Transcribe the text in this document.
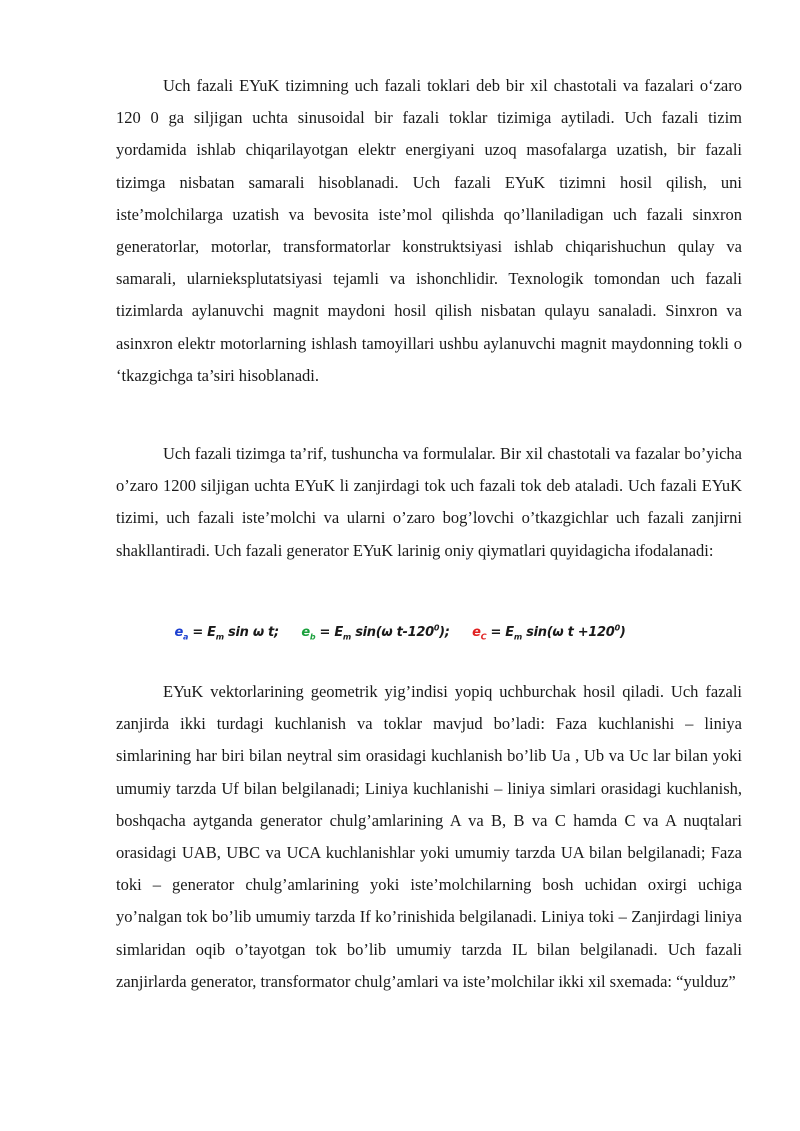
Uch fazali EYuK tizimning uch fazali toklari deb bir xil chastotali va fazalari o‘zaro 120 0 ga siljigan uchta sinusoidal bir fazali toklar tizimiga aytiladi. Uch fazali tizim yordamida ishlab chiqarilayotgan elektr energiyani uzoq masofalarga uzatish, bir fazali tizimga nisbatan samarali hisoblanadi. Uch fazali EYuK tizimni hosil qilish, uni iste’molchilarga uzatish va bevosita iste’mol qilishda qo’llaniladigan uch fazali sinxron generatorlar, motorlar, transformatorlar konstruktsiyasi ishlab chiqarishuchun qulay va samarali, ularnieksplutatsiyasi tejamli va ishonchlidir. Texnologik tomondan uch fazali tizimlarda aylanuvchi magnit maydoni hosil qilish nisbatan qulayu sanaladi. Sinxron va asinxron elektr motorlarning ishlash tamoyillari ushbu aylanuvchi magnit maydonning tokli o ‘tkazgichga ta’siri hisoblanadi.

Uch fazali tizimga ta’rif, tushuncha va formulalar. Bir xil chastotali va fazalar bo’yicha o’zaro 1200 siljigan uchta EYuK li zanjirdagi tok uch fazali tok deb ataladi. Uch fazali EYuK tizimi, uch fazali iste’molchi va ularni o’zaro bog’lovchi o’tkazgichlar uch fazali zanjirni shakllantiradi. Uch fazali generator EYuK larinig oniy qiymatlari quyidagicha ifodalanadi:

$e_a = E_m$ sin ω t; $e_b = E_m$ sin(ω $t-120^0$); $e_C = E_m$ sin(ω $t +120^0$)

EYuK vektorlarining geometrik yig’indisi yopiq uchburchak hosil qiladi. Uch fazali zanjirda ikki turdagi kuchlanish va toklar mavjud bo’ladi: Faza kuchlanishi – liniya simlarining har biri bilan neytral sim orasidagi kuchlanish bo’lib Ua , Ub va Uc lar bilan yoki umumiy tarzda Uf bilan belgilanadi; Liniya kuchlanishi – liniya simlari orasidagi kuchlanish, boshqacha aytganda generator chulg’amlarining A va B, B va C hamda C va A nuqtalari orasidagi UAB, UBC va UCA kuchlanishlar yoki umumiy tarzda UA bilan belgilanadi; Faza toki – generator chulg’amlarining yoki iste’molchilarning bosh uchidan oxirgi uchiga yo’nalgan tok bo’lib umumiy tarzda If ko’rinishida belgilanadi. Liniya toki – Zanjirdagi liniya simlaridan oqib o’tayotgan tok bo’lib umumiy tarzda IL bilan belgilanadi. Uch fazali zanjirlarda generator, transformator chulg’amlari va iste’molchilar ikki xil sxemada: “yulduz”
